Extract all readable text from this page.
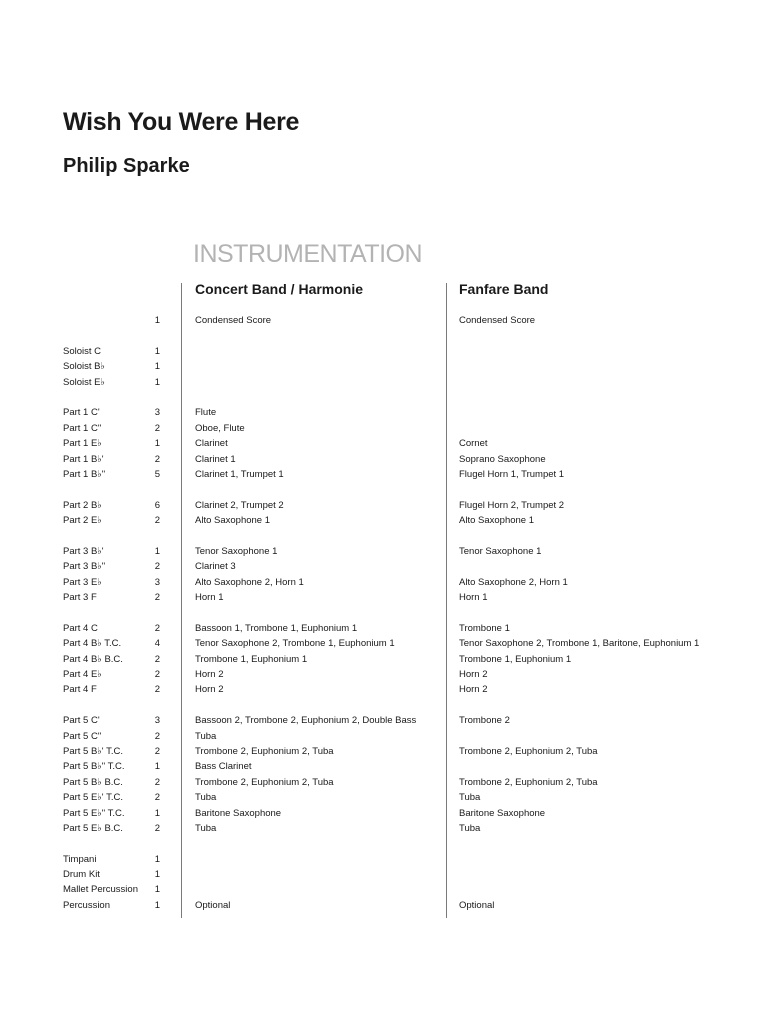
Wish You Were Here
Philip Sparke
INSTRUMENTATION
Concert Band / Harmonie	Fanfare Band
1	Condensed Score	Condensed Score
Soloist C	1
Soloist B♭	1
Soloist E♭	1
Part 1 C'	3	Flute
Part 1 C"	2	Oboe, Flute
Part 1 E♭	1	Clarinet	Cornet
Part 1 B♭'	2	Clarinet 1	Soprano Saxophone
Part 1 B♭"	5	Clarinet 1, Trumpet 1	Flugel Horn 1, Trumpet 1
Part 2 B♭	6	Clarinet 2, Trumpet 2	Flugel Horn 2, Trumpet 2
Part 2 E♭	2	Alto Saxophone 1	Alto Saxophone 1
Part 3 B♭'	1	Tenor Saxophone 1	Tenor Saxophone 1
Part 3 B♭"	2	Clarinet 3
Part 3 E♭	3	Alto Saxophone 2, Horn 1	Alto Saxophone 2, Horn 1
Part 3 F	2	Horn 1	Horn 1
Part 4 C	2	Bassoon 1, Trombone 1, Euphonium 1	Trombone 1
Part 4 B♭ T.C.	4	Tenor Saxophone 2, Trombone 1, Euphonium 1	Tenor Saxophone 2, Trombone 1, Baritone, Euphonium 1
Part 4 B♭ B.C.	2	Trombone 1, Euphonium 1	Trombone 1, Euphonium 1
Part 4 E♭	2	Horn 2	Horn 2
Part 4 F	2	Horn 2	Horn 2
Part 5 C'	3	Bassoon 2, Trombone 2, Euphonium 2, Double Bass	Trombone 2
Part 5 C"	2	Tuba
Part 5 B♭' T.C.	2	Trombone 2, Euphonium 2, Tuba	Trombone 2, Euphonium 2, Tuba
Part 5 B♭" T.C.	1	Bass Clarinet
Part 5 B♭ B.C.	2	Trombone 2, Euphonium 2, Tuba	Trombone 2, Euphonium 2, Tuba
Part 5 E♭' T.C.	2	Tuba	Tuba
Part 5 E♭" T.C.	1	Baritone Saxophone	Baritone Saxophone
Part 5 E♭ B.C.	2	Tuba	Tuba
Timpani	1
Drum Kit	1
Mallet Percussion	1
Percussion	1	Optional	Optional
